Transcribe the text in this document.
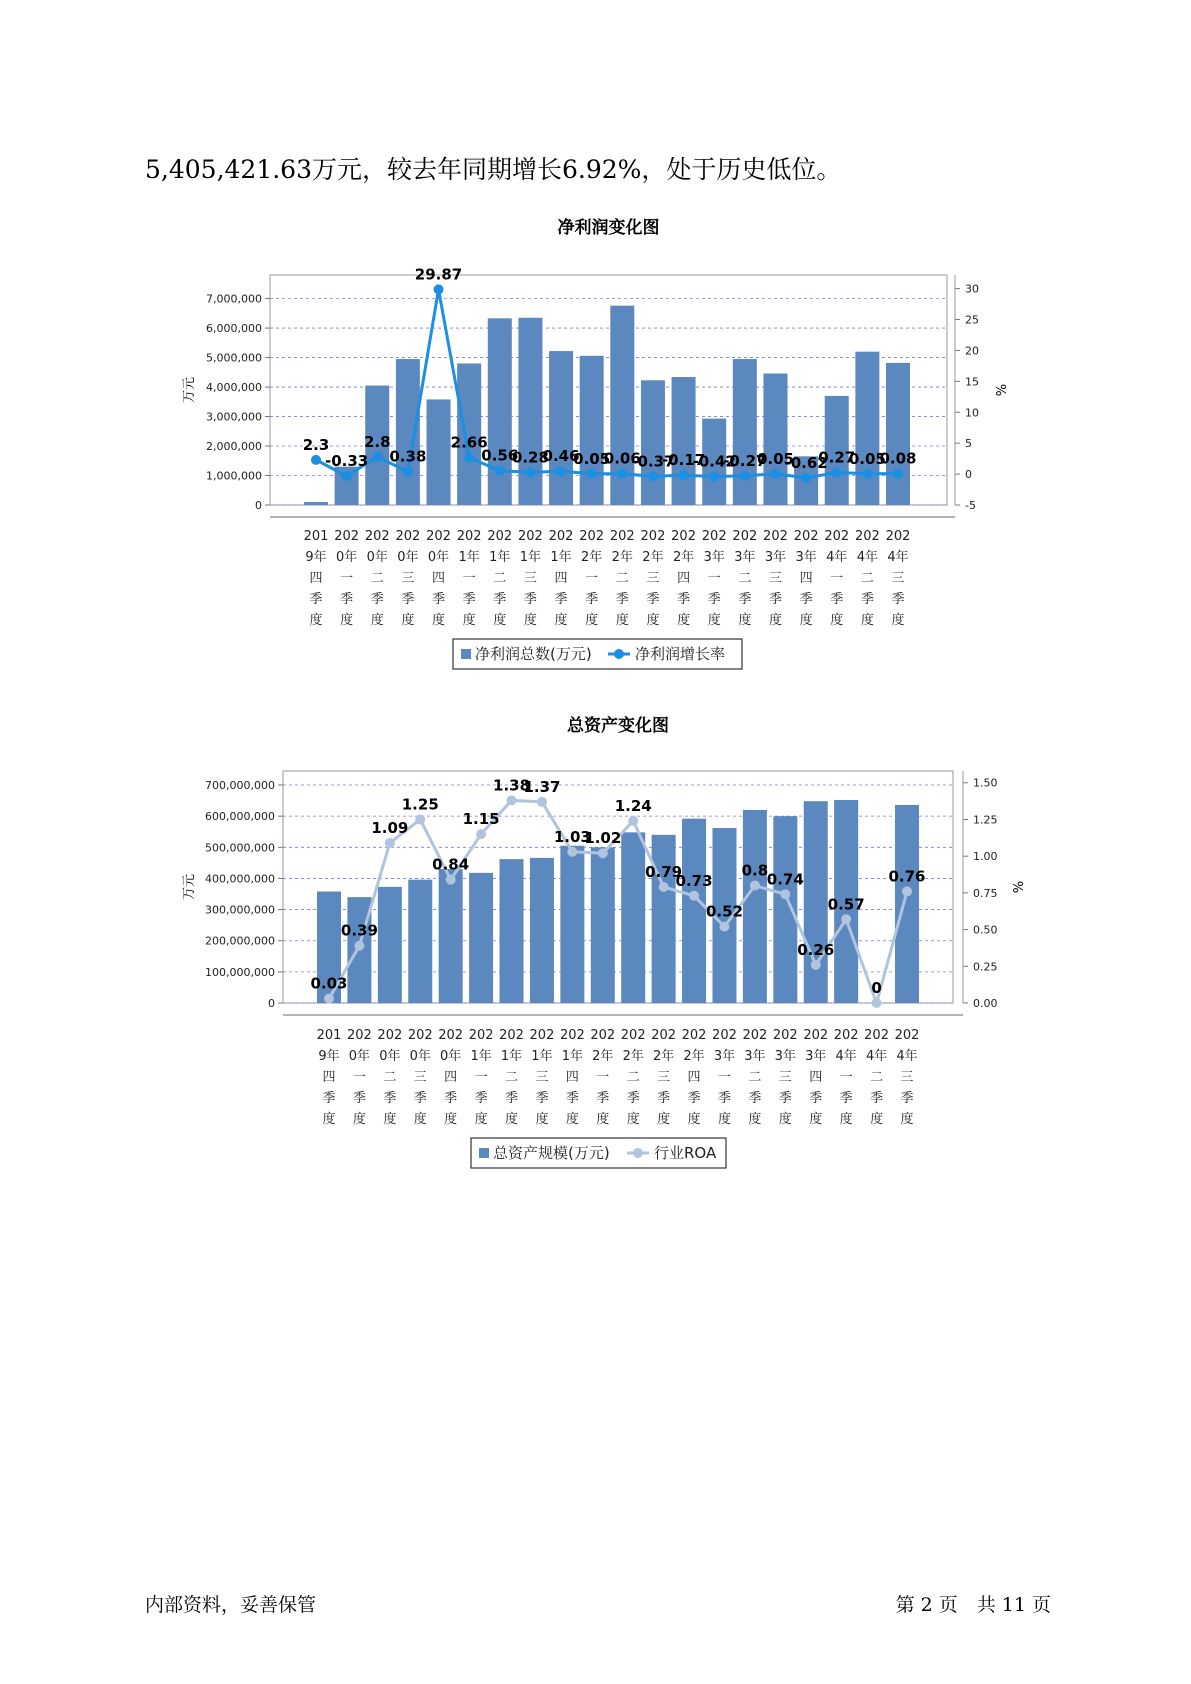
5,405,421.63万元，较去年同期增长6.92%，处于历史低位。
净利润变化图
0
1,000,000
2,000,000
3,000,000
4,000,000
5,000,000
6,000,000
7,000,000
-5
0
5
10
15
20
25
30
万元	%
2.3
-0.33
2.8
0.38
29.87
2.66
0.56
0.28
0.46
0.05
0.06
-0.37
-0.17
-0.42
-0.27
0.05
-0.62
0.27
0.05
0.08
201
9年
四
季
度
202
0年
一
季
度
202
0年
二
季
度
202
0年
三
季
度
202
0年
四
季
度
202
1年
一
季
度
202
1年
二
季
度
202
1年
三
季
度
202
1年
四
季
度
202
2年
一
季
度
202
2年
二
季
度
202
2年
三
季
度
202
2年
四
季
度
202
3年
一
季
度
202
3年
二
季
度
202
3年
三
季
度
202
3年
四
季
度
202
4年
一
季
度
202
4年
二
季
度
202
4年
三
季
度
净利润总数(万元)	净利润增长率
总资产变化图
0
100,000,000
200,000,000
300,000,000
400,000,000
500,000,000
600,000,000
700,000,000
0.00
0.25
0.50
0.75
1.00
1.25
1.50
万元	%
0.03
0.39
1.09
1.25
0.84
1.15
1.38
1.37
1.03
1.02
1.24
0.79
0.73
0.52
0.8
0.74
0.26
0.57
0
0.76
201
9年
四
季
度
202
0年
一
季
度
202
0年
二
季
度
202
0年
三
季
度
202
0年
四
季
度
202
1年
一
季
度
202
1年
二
季
度
202
1年
三
季
度
202
1年
四
季
度
202
2年
一
季
度
202
2年
二
季
度
202
2年
三
季
度
202
2年
四
季
度
202
3年
一
季
度
202
3年
二
季
度
202
3年
三
季
度
202
3年
四
季
度
202
4年
一
季
度
202
4年
二
季
度
202
4年
三
季
度
总资产规模(万元)	行业ROA
内部资料，妥善保管	第 2 页　共 11 页
